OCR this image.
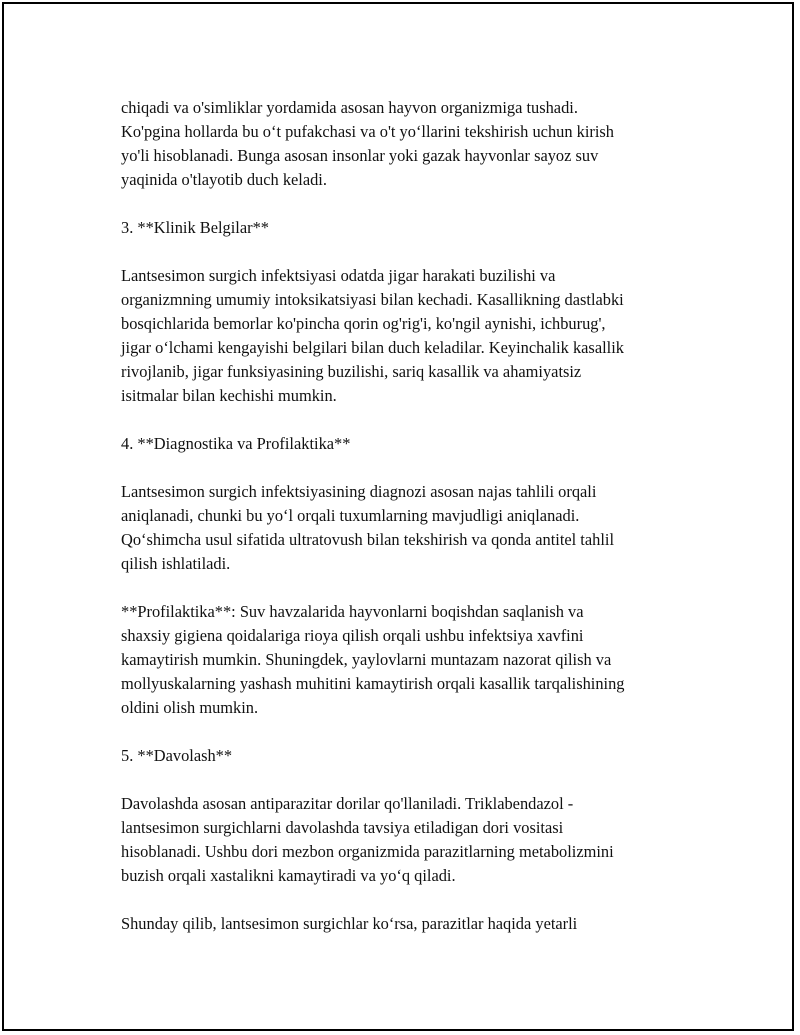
chiqadi va o'simliklar yordamida asosan hayvon organizmiga tushadi.
Ko'pgina hollarda bu o‘t pufakchasi va o't yo‘llarini tekshirish uchun kirish
yo'li hisoblanadi. Bunga asosan insonlar yoki gazak hayvonlar sayoz suv
yaqinida o'tlayotib duch keladi.

3. **Klinik Belgilar**

Lantsesimon surgich infektsiyasi odatda jigar harakati buzilishi va
organizmning umumiy intoksikatsiyasi bilan kechadi. Kasallikning dastlabki
bosqichlarida bemorlar ko'pincha qorin og'rig'i, ko'ngil aynishi, ichburug',
jigar o‘lchami kengayishi belgilari bilan duch keladilar. Keyinchalik kasallik
rivojlanib, jigar funksiyasining buzilishi, sariq kasallik va ahamiyatsiz
isitmalar bilan kechishi mumkin.

4. **Diagnostika va Profilaktika**

Lantsesimon surgich infektsiyasining diagnozi asosan najas tahlili orqali
aniqlanadi, chunki bu yo‘l orqali tuxumlarning mavjudligi aniqlanadi.
Qo‘shimcha usul sifatida ultratovush bilan tekshirish va qonda antitel tahlil
qilish ishlatiladi.

**Profilaktika**: Suv havzalarida hayvonlarni boqishdan saqlanish va
shaxsiy gigiena qoidalariga rioya qilish orqali ushbu infektsiya xavfini
kamaytirish mumkin. Shuningdek, yaylovlarni muntazam nazorat qilish va
mollyuskalarning yashash muhitini kamaytirish orqali kasallik tarqalishining
oldini olish mumkin.

5. **Davolash**

Davolashda asosan antiparazitar dorilar qo'llaniladi. Triklabendazol -
lantsesimon surgichlarni davolashda tavsiya etiladigan dori vositasi
hisoblanadi. Ushbu dori mezbon organizmida parazitlarning metabolizmini
buzish orqali xastalikni kamaytiradi va yo‘q qiladi.

Shunday qilib, lantsesimon surgichlar ko‘rsa, parazitlar haqida yetarli
